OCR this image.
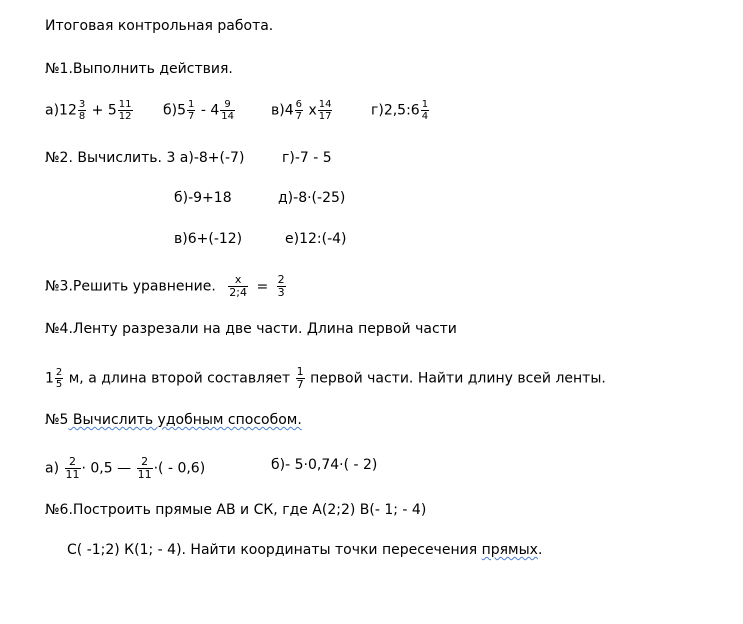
Итоговая контрольная работа.
№1.Выполнить действия.
$а)12 \frac{3}{8} + 5 \frac{11}{12} б)5 \frac{1}{7} - 4 \frac{9}{14}$	$в)4 \frac{6}{7}$ x $\frac{14}{17}$	г)2,5:6 $\frac{1}{4}$
№2. Вычислить. 3 а)-8+(-7)	г)-7 - 5
б)-9+18	д)-8·(-25)
в)6+(-12)	е)12:(-4)
№3.Решить уравнение. $\frac{x}{2;4} = \frac{2}{3}$
№4.Ленту разрезали на две части. Длина первой части
$1 \frac{2}{5} м$, а длина второй составляет $\frac{1}{7}$ первой части. Найти длину всей ленты.
№5 Вычислить удобным способом.
$а) \frac{2}{11} \cdot 0,5$ — $\frac{2}{11}$ ·( - 0,6)	б)- 5·0,74·( - 2)
№6.Построить прямые АВ и СК, где А(2;2) В(- 1; - 4)
С( -1;2) К(1; - 4). Найти координаты точки пересечения прямых.
